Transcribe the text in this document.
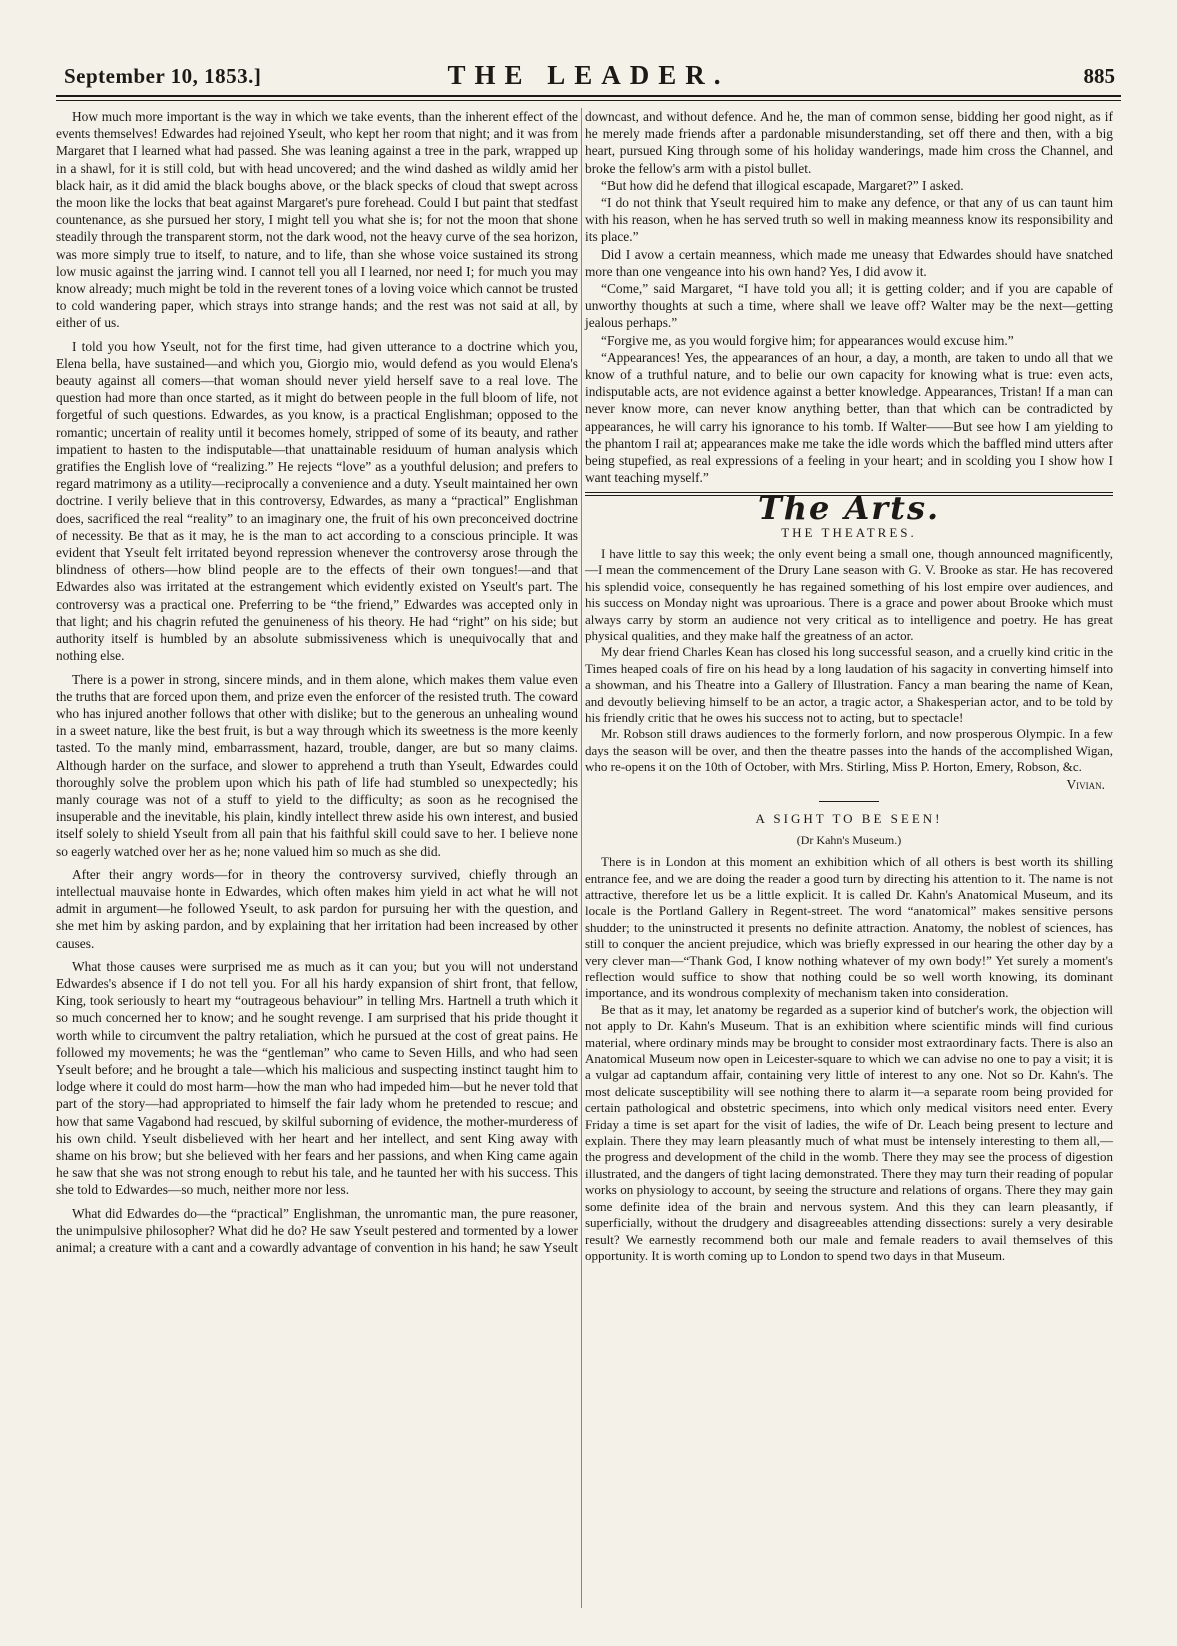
September 10, 1853.]	THE LEADER.	885

How much more important is the way in which we take events, than the inherent effect of the events themselves! Edwardes had rejoined Yseult, who kept her room that night; and it was from Margaret that I learned what had passed. She was leaning against a tree in the park, wrapped up in a shawl, for it is still cold, but with head uncovered; and the wind dashed as wildly amid her black hair, as it did amid the black boughs above, or the black specks of cloud that swept across the moon like the locks that beat against Margaret's pure forehead. Could I but paint that stedfast countenance, as she pursued her story, I might tell you what she is; for not the moon that shone steadily through the transparent storm, not the dark wood, not the heavy curve of the sea horizon, was more simply true to itself, to nature, and to life, than she whose voice sustained its strong low music against the jarring wind. I cannot tell you all I learned, nor need I; for much you may know already; much might be told in the reverent tones of a loving voice which cannot be trusted to cold wandering paper, which strays into strange hands; and the rest was not said at all, by either of us.

I told you how Yseult, not for the first time, had given utterance to a doctrine which you, Elena bella, have sustained—and which you, Giorgio mio, would defend as you would Elena's beauty against all comers—that woman should never yield herself save to a real love. The question had more than once started, as it might do between people in the full bloom of life, not forgetful of such questions. Edwardes, as you know, is a practical Englishman; opposed to the romantic; uncertain of reality until it becomes homely, stripped of some of its beauty, and rather impatient to hasten to the indisputable—that unattainable residuum of human analysis which gratifies the English love of “realizing.” He rejects “love” as a youthful delusion; and prefers to regard matrimony as a utility—reciprocally a convenience and a duty. Yseult maintained her own doctrine. I verily believe that in this controversy, Edwardes, as many a “practical” Englishman does, sacrificed the real “reality” to an imaginary one, the fruit of his own preconceived doctrine of necessity. Be that as it may, he is the man to act according to a conscious principle. It was evident that Yseult felt irritated beyond repression whenever the controversy arose through the blindness of others—how blind people are to the effects of their own tongues!—and that Edwardes also was irritated at the estrangement which evidently existed on Yseult's part. The controversy was a practical one. Preferring to be “the friend,” Edwardes was accepted only in that light; and his chagrin refuted the genuineness of his theory. He had “right” on his side; but authority itself is humbled by an absolute submissiveness which is unequivocally that and nothing else.

There is a power in strong, sincere minds, and in them alone, which makes them value even the truths that are forced upon them, and prize even the enforcer of the resisted truth. The coward who has injured another follows that other with dislike; but to the generous an unhealing wound in a sweet nature, like the best fruit, is but a way through which its sweetness is the more keenly tasted. To the manly mind, embarrassment, hazard, trouble, danger, are but so many claims. Although harder on the surface, and slower to apprehend a truth than Yseult, Edwardes could thoroughly solve the problem upon which his path of life had stumbled so unexpectedly; his manly courage was not of a stuff to yield to the difficulty; as soon as he recognised the insuperable and the inevitable, his plain, kindly intellect threw aside his own interest, and busied itself solely to shield Yseult from all pain that his faithful skill could save to her. I believe none so eagerly watched over her as he; none valued him so much as she did.

After their angry words—for in theory the controversy survived, chiefly through an intellectual mauvaise honte in Edwardes, which often makes him yield in act what he will not admit in argument—he followed Yseult, to ask pardon for pursuing her with the question, and she met him by asking pardon, and by explaining that her irritation had been increased by other causes.

What those causes were surprised me as much as it can you; but you will not understand Edwardes's absence if I do not tell you. For all his hardy expansion of shirt front, that fellow, King, took seriously to heart my “outrageous behaviour” in telling Mrs. Hartnell a truth which it so much concerned her to know; and he sought revenge. I am surprised that his pride thought it worth while to circumvent the paltry retaliation, which he pursued at the cost of great pains. He followed my movements; he was the “gentleman” who came to Seven Hills, and who had seen Yseult before; and he brought a tale—which his malicious and suspecting instinct taught him to lodge where it could do most harm—how the man who had impeded him—but he never told that part of the story—had appropriated to himself the fair lady whom he pretended to rescue; and how that same Vagabond had rescued, by skilful suborning of evidence, the mother-murderess of his own child. Yseult disbelieved with her heart and her intellect, and sent King away with shame on his brow; but she believed with her fears and her passions, and when King came again he saw that she was not strong enough to rebut his tale, and he taunted her with his success. This she told to Edwardes—so much, neither more nor less.

What did Edwardes do—the “practical” Englishman, the unromantic man, the pure reasoner, the unimpulsive philosopher? What did he do? He saw Yseult pestered and tormented by a lower animal; a creature with a cant and a cowardly advantage of convention in his hand; he saw Yseult

downcast, and without defence. And he, the man of common sense, bidding her good night, as if he merely made friends after a pardonable misunderstanding, set off there and then, with a big heart, pursued King through some of his holiday wanderings, made him cross the Channel, and broke the fellow's arm with a pistol bullet.

“But how did he defend that illogical escapade, Margaret?” I asked.

“I do not think that Yseult required him to make any defence, or that any of us can taunt him with his reason, when he has served truth so well in making meanness know its responsibility and its place.”

Did I avow a certain meanness, which made me uneasy that Edwardes should have snatched more than one vengeance into his own hand? Yes, I did avow it.

“Come,” said Margaret, “I have told you all; it is getting colder; and if you are capable of unworthy thoughts at such a time, where shall we leave off? Walter may be the next—getting jealous perhaps.”

“Forgive me, as you would forgive him; for appearances would excuse him.”

“Appearances! Yes, the appearances of an hour, a day, a month, are taken to undo all that we know of a truthful nature, and to belie our own capacity for knowing what is true: even acts, indisputable acts, are not evidence against a better knowledge. Appearances, Tristan! If a man can never know more, can never know anything better, than that which can be contradicted by appearances, he will carry his ignorance to his tomb. If Walter——But see how I am yielding to the phantom I rail at; appearances make me take the idle words which the baffled mind utters after being stupefied, as real expressions of a feeling in your heart; and in scolding you I show how I want teaching myself.”

The Arts.
THE THEATRES.

I have little to say this week; the only event being a small one, though announced magnificently,—I mean the commencement of the Drury Lane season with G. V. Brooke as star. He has recovered his splendid voice, consequently he has regained something of his lost empire over audiences, and his success on Monday night was uproarious. There is a grace and power about Brooke which must always carry by storm an audience not very critical as to intelligence and poetry. He has great physical qualities, and they make half the greatness of an actor.

My dear friend Charles Kean has closed his long successful season, and a cruelly kind critic in the Times heaped coals of fire on his head by a long laudation of his sagacity in converting himself into a showman, and his Theatre into a Gallery of Illustration. Fancy a man bearing the name of Kean, and devoutly believing himself to be an actor, a tragic actor, a Shakesperian actor, and to be told by his friendly critic that he owes his success not to acting, but to spectacle!

Mr. Robson still draws audiences to the formerly forlorn, and now prosperous Olympic. In a few days the season will be over, and then the theatre passes into the hands of the accomplished Wigan, who re-opens it on the 10th of October, with Mrs. Stirling, Miss P. Horton, Emery, Robson, &c.

Vivian.
A SIGHT TO BE SEEN!
(Dr Kahn's Museum.)

There is in London at this moment an exhibition which of all others is best worth its shilling entrance fee, and we are doing the reader a good turn by directing his attention to it. The name is not attractive, therefore let us be a little explicit. It is called Dr. Kahn's Anatomical Museum, and its locale is the Portland Gallery in Regent-street. The word “anatomical” makes sensitive persons shudder; to the uninstructed it presents no definite attraction. Anatomy, the noblest of sciences, has still to conquer the ancient prejudice, which was briefly expressed in our hearing the other day by a very clever man—“Thank God, I know nothing whatever of my own body!” Yet surely a moment's reflection would suffice to show that nothing could be so well worth knowing, its dominant importance, and its wondrous complexity of mechanism taken into consideration.

Be that as it may, let anatomy be regarded as a superior kind of butcher's work, the objection will not apply to Dr. Kahn's Museum. That is an exhibition where scientific minds will find curious material, where ordinary minds may be brought to consider most extraordinary facts. There is also an Anatomical Museum now open in Leicester-square to which we can advise no one to pay a visit; it is a vulgar ad captandum affair, containing very little of interest to any one. Not so Dr. Kahn's. The most delicate susceptibility will see nothing there to alarm it—a separate room being provided for certain pathological and obstetric specimens, into which only medical visitors need enter. Every Friday a time is set apart for the visit of ladies, the wife of Dr. Leach being present to lecture and explain. There they may learn pleasantly much of what must be intensely interesting to them all,—the progress and development of the child in the womb. There they may see the process of digestion illustrated, and the dangers of tight lacing demonstrated. There they may turn their reading of popular works on physiology to account, by seeing the structure and relations of organs. There they may gain some definite idea of the brain and nervous system. And this they can learn pleasantly, if superficially, without the drudgery and disagreeables attending dissections: surely a very desirable result? We earnestly recommend both our male and female readers to avail themselves of this opportunity. It is worth coming up to London to spend two days in that Museum.
